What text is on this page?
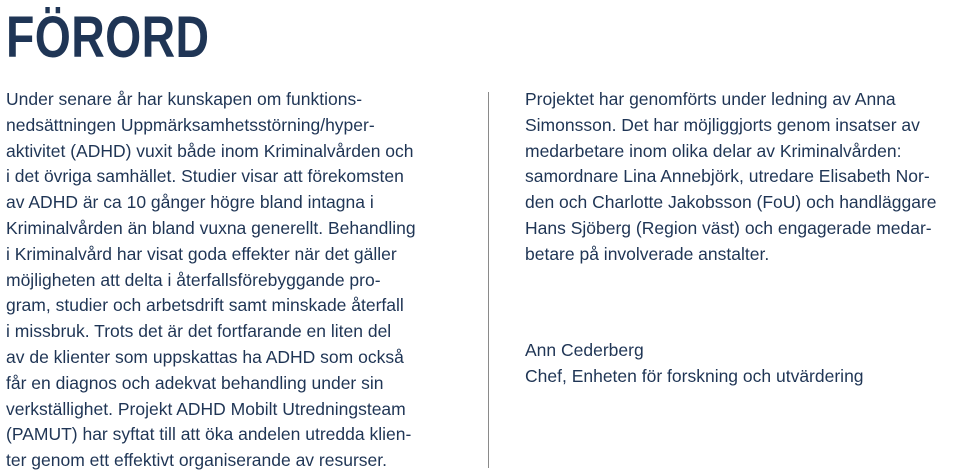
FÖRORD

Under senare år har kunskapen om funktions-

nedsättningen Uppmärksamhetsstörning/hyper-

aktivitet (ADHD) vuxit både inom Kriminalvården och

i det övriga samhället. Studier visar att förekomsten

av ADHD är ca 10 gånger högre bland intagna i

Kriminalvården än bland vuxna generellt. Behandling

i Kriminalvård har visat goda effekter när det gäller

möjligheten att delta i återfallsförebyggande pro-

gram, studier och arbetsdrift samt minskade återfall

i missbruk. Trots det är det fortfarande en liten del

av de klienter som uppskattas ha ADHD som också

får en diagnos och adekvat behandling under sin

verkställighet. Projekt ADHD Mobilt Utredningsteam

(PAMUT) har syftat till att öka andelen utredda klien-

ter genom ett effektivt organiserande av resurser.

Projektet har genomförts under ledning av Anna

Simonsson. Det har möjliggjorts genom insatser av

medarbetare inom olika delar av Kriminalvården:

samordnare Lina Annebjörk, utredare Elisabeth Nor-

den och Charlotte Jakobsson (FoU) och handläggare

Hans Sjöberg (Region väst) och engagerade medar-

betare på involverade anstalter.

Ann Cederberg

Chef, Enheten för forskning och utvärdering
